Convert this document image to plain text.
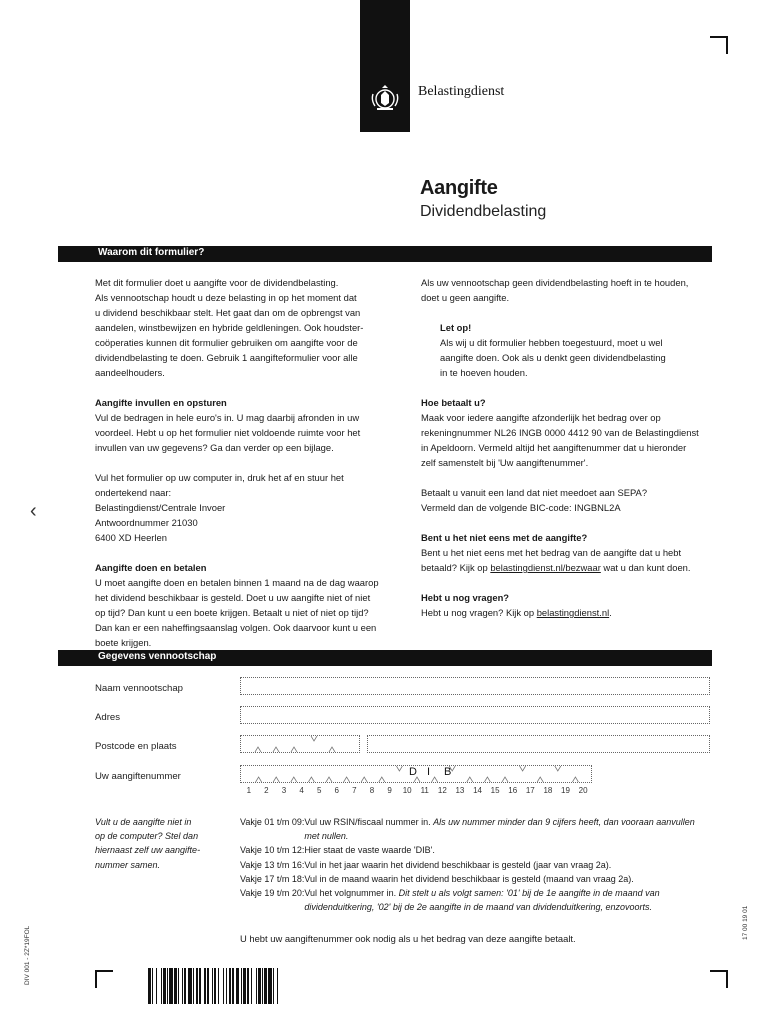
Belastingdienst
‹
Aangifte
Dividendbelasting
Waarom dit formulier?

Met dit formulier doet u aangifte voor de dividendbelasting.
Als vennootschap houdt u deze belasting in op het moment dat
u dividend beschikbaar stelt. Het gaat dan om de opbrengst van
aandelen, winstbewijzen en hybride geldleningen. Ook houdster-
coöperaties kunnen dit formulier gebruiken om aangifte voor de
dividendbelasting te doen. Gebruik 1 aangifteformulier voor alle
aandeelhouders.

Aangifte invullen en opsturen

Vul de bedragen in hele euro's in. U mag daarbij afronden in uw
voordeel. Hebt u op het formulier niet voldoende ruimte voor het
invullen van uw gegevens? Ga dan verder op een bijlage.

Vul het formulier op uw computer in, druk het af en stuur het
ondertekend naar:
Belastingdienst/Centrale Invoer
Antwoordnummer 21030
6400 XD Heerlen

Aangifte doen en betalen

U moet aangifte doen en betalen binnen 1 maand na de dag waarop
het dividend beschikbaar is gesteld. Doet u uw aangifte niet of niet
op tijd? Dan kunt u een boete krijgen. Betaalt u niet of niet op tijd?
Dan kan er een naheffingsaanslag volgen. Ook daarvoor kunt u een
boete krijgen.

Als uw vennootschap geen dividendbelasting hoeft in te houden,
doet u geen aangifte.

Let op!

Als wij u dit formulier hebben toegestuurd, moet u wel
aangifte doen. Ook als u denkt geen dividendbelasting
in te hoeven houden.

Hoe betaalt u?

Maak voor iedere aangifte afzonderlijk het bedrag over op
rekeningnummer NL26 INGB 0000 4412 90 van de Belastingdienst
in Apeldoorn. Vermeld altijd het aangiftenummer dat u hieronder
zelf samenstelt bij 'Uw aangiftenummer'.

Betaalt u vanuit een land dat niet meedoet aan SEPA?
Vermeld dan de volgende BIC-code: INGBNL2A

Bent u het niet eens met de aangifte?

Bent u het niet eens met het bedrag van de aangifte dat u hebt
betaald? Kijk op belastingdienst.nl/bezwaar wat u dan kunt doen.

Hebt u nog vragen?

Hebt u nog vragen? Kijk op belastingdienst.nl.

Gegevens vennootschap
Naam vennootschap
Adres
Postcode en plaats
Uw aangiftenummer	D I B
1 2 3 4 5 6 7 8 9 10 11 12 13 14 15 16 17 18 19 20
Vult u de aangifte niet in
op de computer? Stel dan
hiernaast zelf uw aangifte-
nummer samen.
Vakje 01 t/m 09: Vul uw RSIN/fiscaal nummer in. Als uw nummer minder dan 9 cijfers heeft, dan vooraan aanvullen met nullen.
Vakje 10 t/m 12: Hier staat de vaste waarde 'DIB'.
Vakje 13 t/m 16: Vul in het jaar waarin het dividend beschikbaar is gesteld (jaar van vraag 2a).
Vakje 17 t/m 18: Vul in de maand waarin het dividend beschikbaar is gesteld (maand van vraag 2a).
Vakje 19 t/m 20: Vul het volgnummer in. Dit stelt u als volgt samen: '01' bij de 1e aangifte in de maand van dividenduitkering, '02' bij de 2e aangifte in de maand van dividenduitkering, enzovoorts.
U hebt uw aangiftenummer ook nodig als u het bedrag van deze aangifte betaalt.
DIV 001 - 2Z*19FOL
17 00 19 01
